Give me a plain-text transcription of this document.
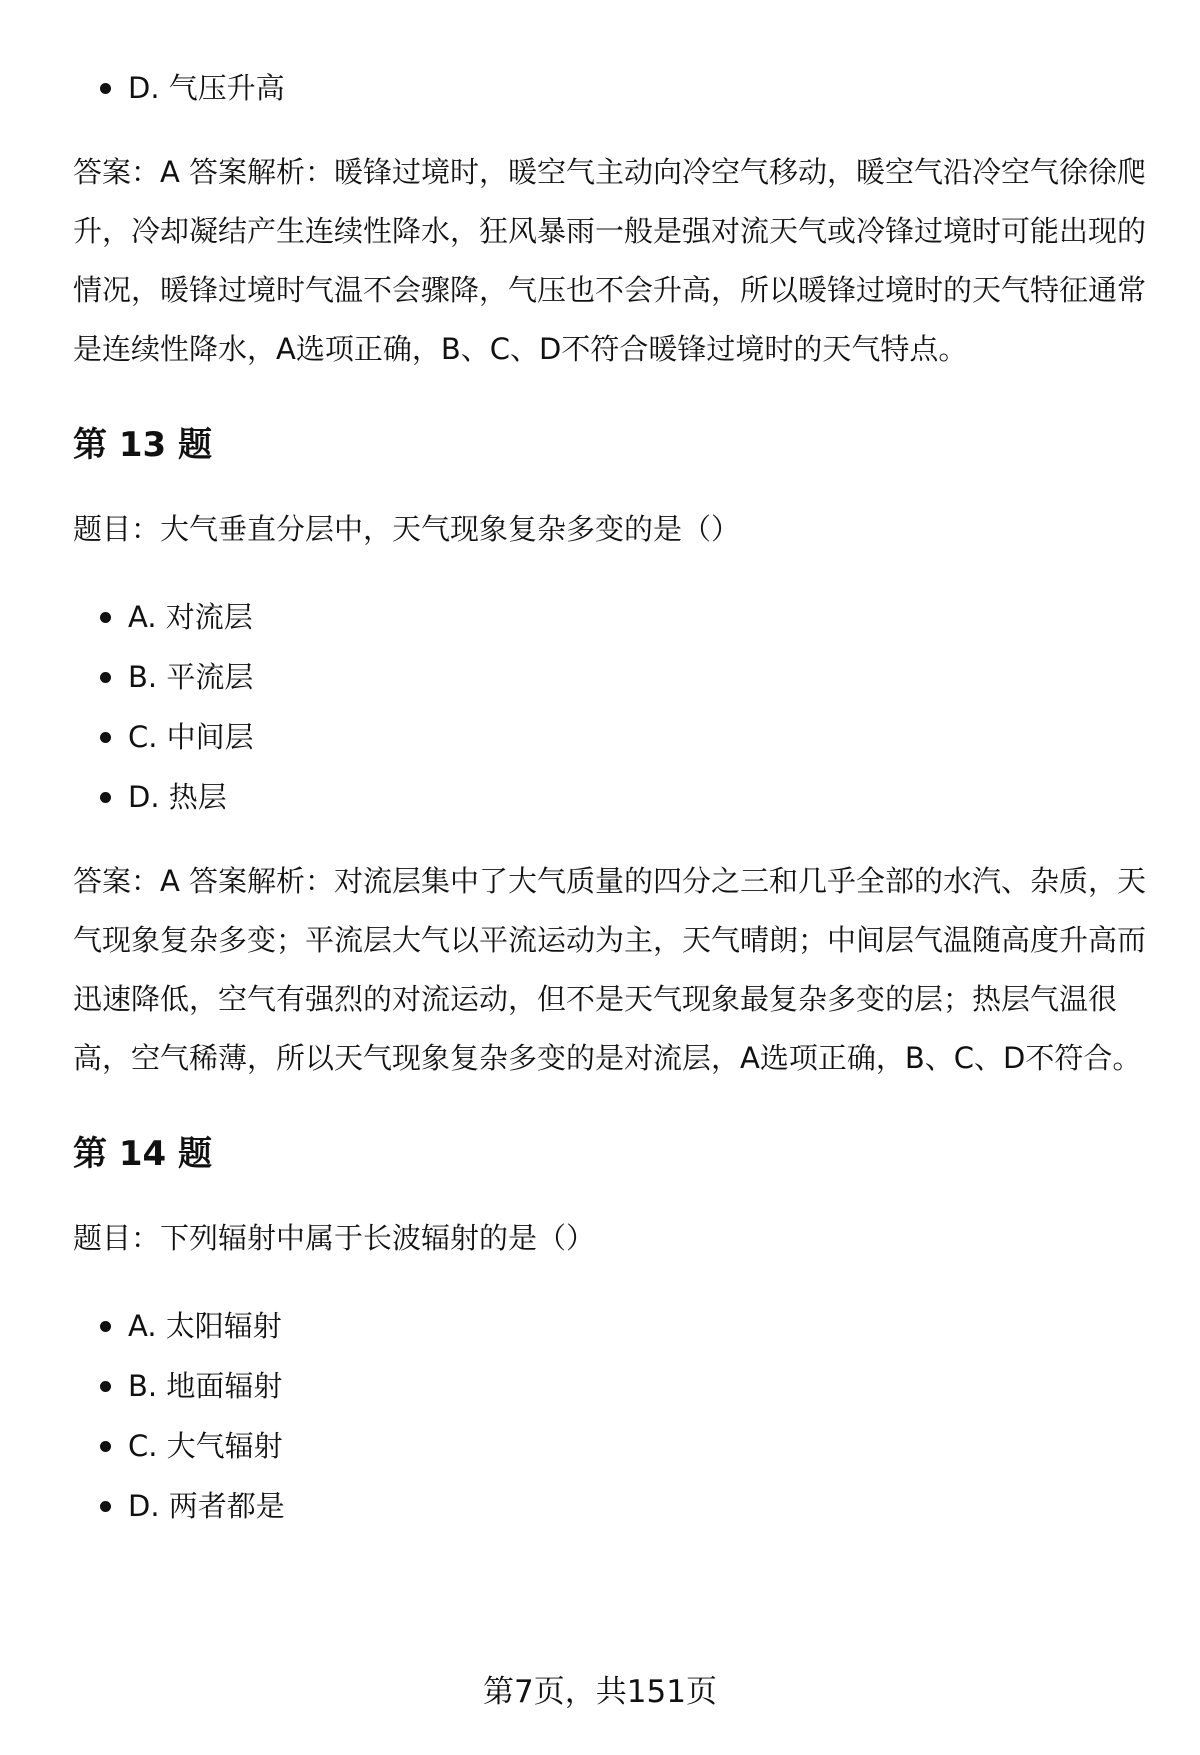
D. 气压升高

答案：A 答案解析：暖锋过境时，暖空气主动向冷空气移动，暖空气沿冷空气徐徐爬升，冷却凝结产生连续性降水，狂风暴雨一般是强对流天气或冷锋过境时可能出现的情况，暖锋过境时气温不会骤降，气压也不会升高，所以暖锋过境时的天气特征通常是连续性降水，A选项正确，B、C、D不符合暖锋过境时的天气特点。

第 13 题

题目：大气垂直分层中，天气现象复杂多变的是（）

A. 对流层
B. 平流层
C. 中间层
D. 热层

答案：A 答案解析：对流层集中了大气质量的四分之三和几乎全部的水汽、杂质，天气现象复杂多变；平流层大气以平流运动为主，天气晴朗；中间层气温随高度升高而迅速降低，空气有强烈的对流运动，但不是天气现象最复杂多变的层；热层气温很高，空气稀薄，所以天气现象复杂多变的是对流层，A选项正确，B、C、D不符合。

第 14 题

题目：下列辐射中属于长波辐射的是（）

A. 太阳辐射
B. 地面辐射
C. 大气辐射
D. 两者都是
第7页，共151页
